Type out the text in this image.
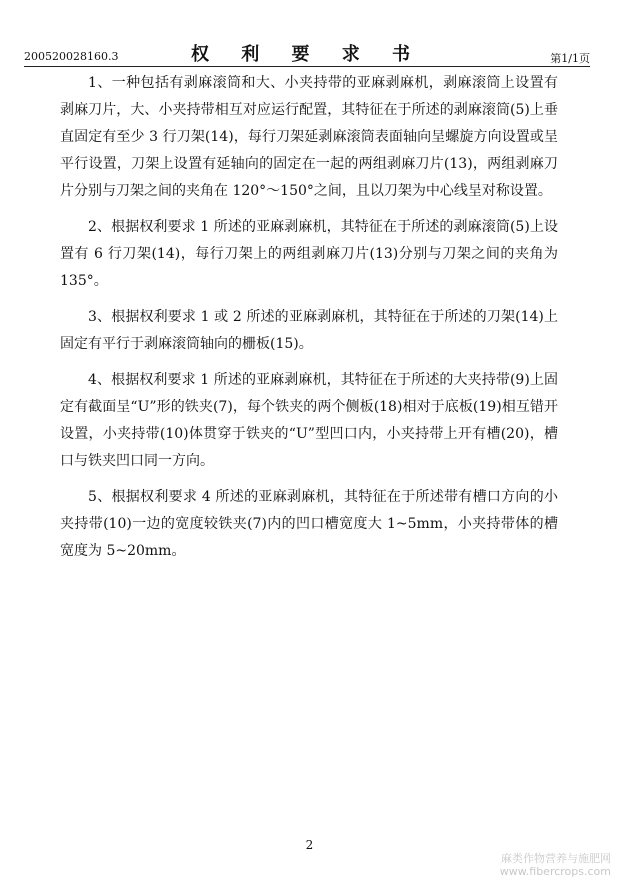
200520028160.3	权 利 要 求 书	第1/1页

1、一种包括有剥麻滚筒和大、小夹持带的亚麻剥麻机，剥麻滚筒上设置有剥麻刀片，大、小夹持带相互对应运行配置，其特征在于所述的剥麻滚筒(5)上垂直固定有至少 3 行刀架(14)，每行刀架延剥麻滚筒表面轴向呈螺旋方向设置或呈平行设置，刀架上设置有延轴向的固定在一起的两组剥麻刀片(13)，两组剥麻刀片分别与刀架之间的夹角在 120°～150°之间，且以刀架为中心线呈对称设置。

2、根据权利要求 1 所述的亚麻剥麻机，其特征在于所述的剥麻滚筒(5)上设置有 6 行刀架(14)，每行刀架上的两组剥麻刀片(13)分别与刀架之间的夹角为 135°。

3、根据权利要求 1 或 2 所述的亚麻剥麻机，其特征在于所述的刀架(14)上固定有平行于剥麻滚筒轴向的栅板(15)。

4、根据权利要求 1 所述的亚麻剥麻机，其特征在于所述的大夹持带(9)上固定有截面呈“U”形的铁夹(7)，每个铁夹的两个侧板(18)相对于底板(19)相互错开设置，小夹持带(10)体贯穿于铁夹的“U”型凹口内，小夹持带上开有槽(20)，槽口与铁夹凹口同一方向。

5、根据权利要求 4 所述的亚麻剥麻机，其特征在于所述带有槽口方向的小夹持带(10)一边的宽度较铁夹(7)内的凹口槽宽度大 1~5mm，小夹持带体的槽宽度为 5~20mm。

2
麻类作物营养与施肥网
www.fibercrops.com
